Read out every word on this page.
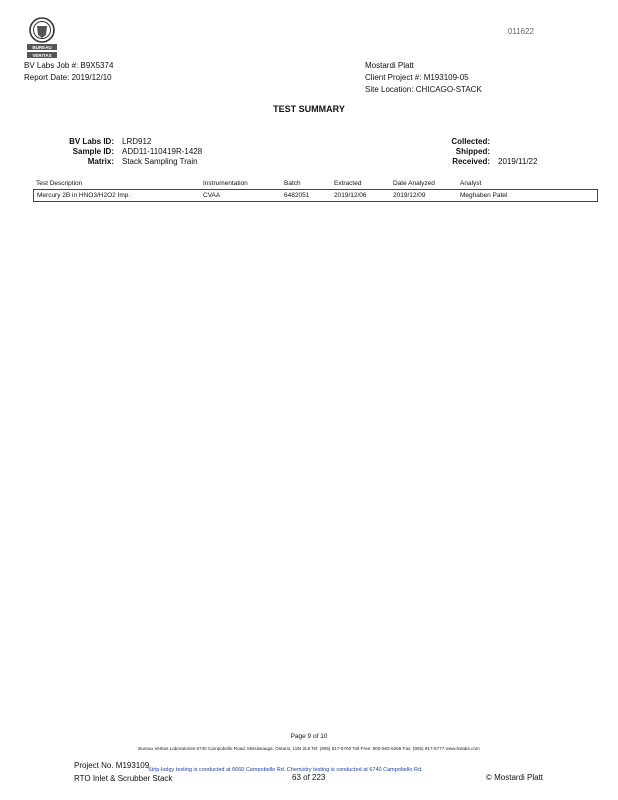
BUREAU
VERITAS
011622
BV Labs Job #: B9X5374
Report Date: 2019/12/10
Mostardi Platt
Client Project #: M193109-05
Site Location: CHICAGO-STACK
TEST SUMMARY
BV Labs ID: LRD912
Sample ID: ADD11-110419R-1428
Matrix: Stack Sampling Train
Collected:
Shipped:
Received: 2019/11/22
Test Description	Instrumentation	Batch	Extracted	Date Analyzed	Analyst
Mercury 2B in HNO3/H2O2 Imp.	CVAA	6482051	2019/12/06	2019/12/09	Meghaben Patel
Page 9 of 10
Bureau Veritas Laboratories 6740 Campobello Road, Mississauga, Ontario, L5N 2L8 Tel: (905) 817-5700 Toll-Free: 800-563-6266 Fax: (905) 817-5777 www.bvlabs.com
Project No. M193109
RTO Inlet & Scrubber Stack
Strip-lodgy testing is conducted at 6660 Campobello Rd. Chemistry testing is conducted at 6740 Campobello Rd.
63 of 223	© Mostardi Platt
